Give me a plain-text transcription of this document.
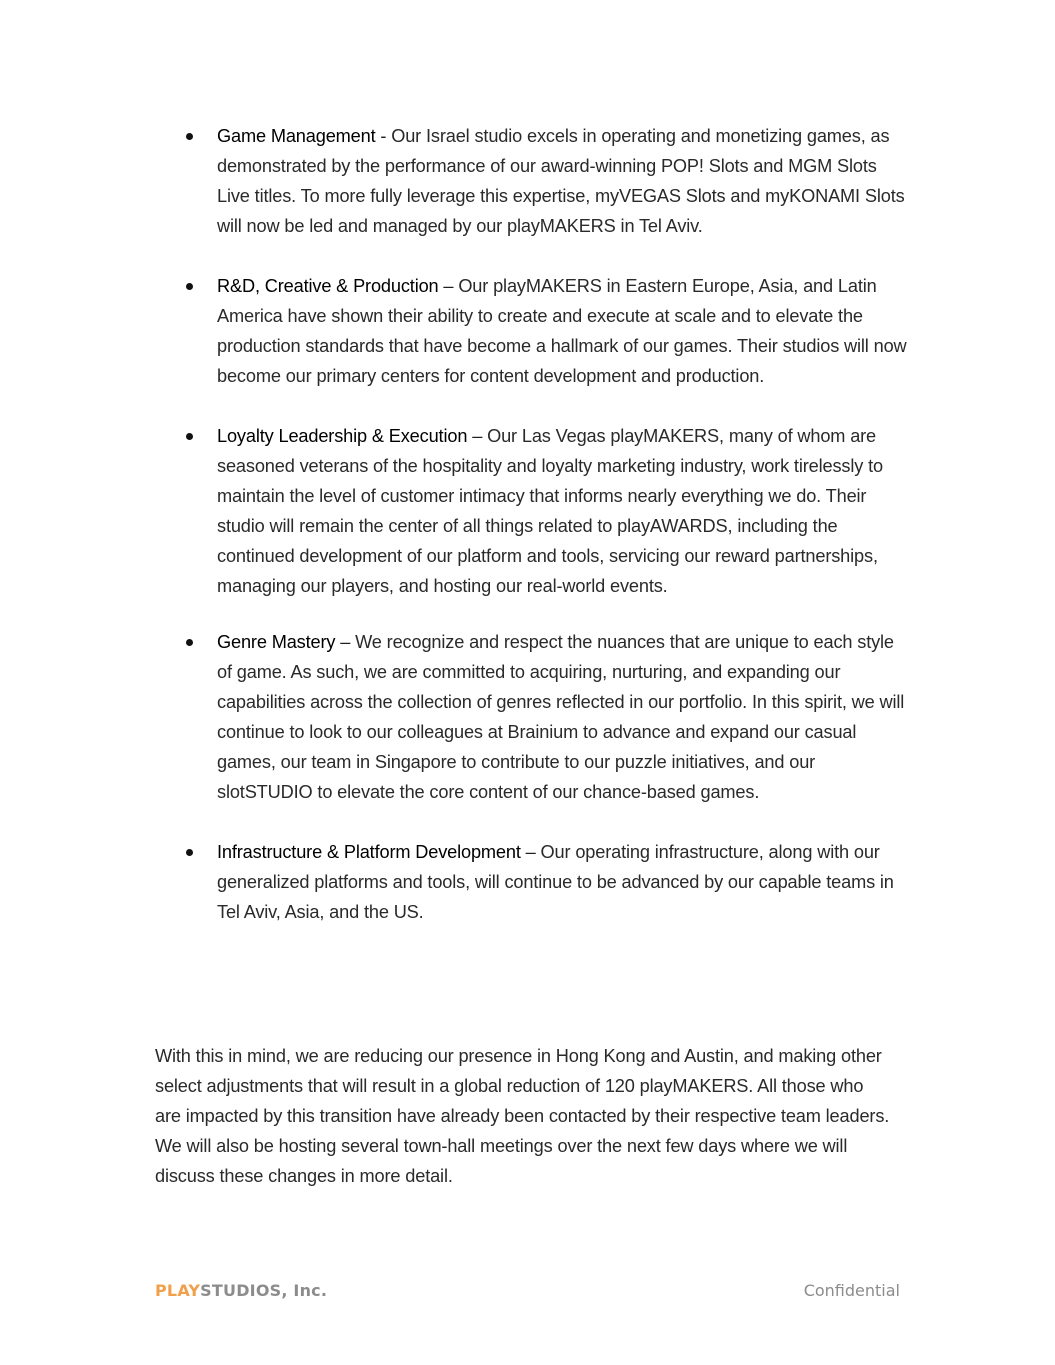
Game Management - Our Israel studio excels in operating and monetizing games, as demonstrated by the performance of our award-winning POP! Slots and MGM Slots Live titles. To more fully leverage this expertise, myVEGAS Slots and myKONAMI Slots will now be led and managed by our playMAKERS in Tel Aviv.
R&D, Creative & Production – Our playMAKERS in Eastern Europe, Asia, and Latin America have shown their ability to create and execute at scale and to elevate the production standards that have become a hallmark of our games. Their studios will now become our primary centers for content development and production.
Loyalty Leadership & Execution – Our Las Vegas playMAKERS, many of whom are seasoned veterans of the hospitality and loyalty marketing industry, work tirelessly to maintain the level of customer intimacy that informs nearly everything we do. Their studio will remain the center of all things related to playAWARDS, including the continued development of our platform and tools, servicing our reward partnerships, managing our players, and hosting our real-world events.
Genre Mastery – We recognize and respect the nuances that are unique to each style of game. As such, we are committed to acquiring, nurturing, and expanding our capabilities across the collection of genres reflected in our portfolio. In this spirit, we will continue to look to our colleagues at Brainium to advance and expand our casual games, our team in Singapore to contribute to our puzzle initiatives, and our slotSTUDIO to elevate the core content of our chance-based games.
Infrastructure & Platform Development – Our operating infrastructure, along with our generalized platforms and tools, will continue to be advanced by our capable teams in Tel Aviv, Asia, and the US.

With this in mind, we are reducing our presence in Hong Kong and Austin, and making other select adjustments that will result in a global reduction of 120 playMAKERS. All those who are impacted by this transition have already been contacted by their respective team leaders. We will also be hosting several town-hall meetings over the next few days where we will discuss these changes in more detail.

PLAYSTUDIOS, Inc.	Confidential
